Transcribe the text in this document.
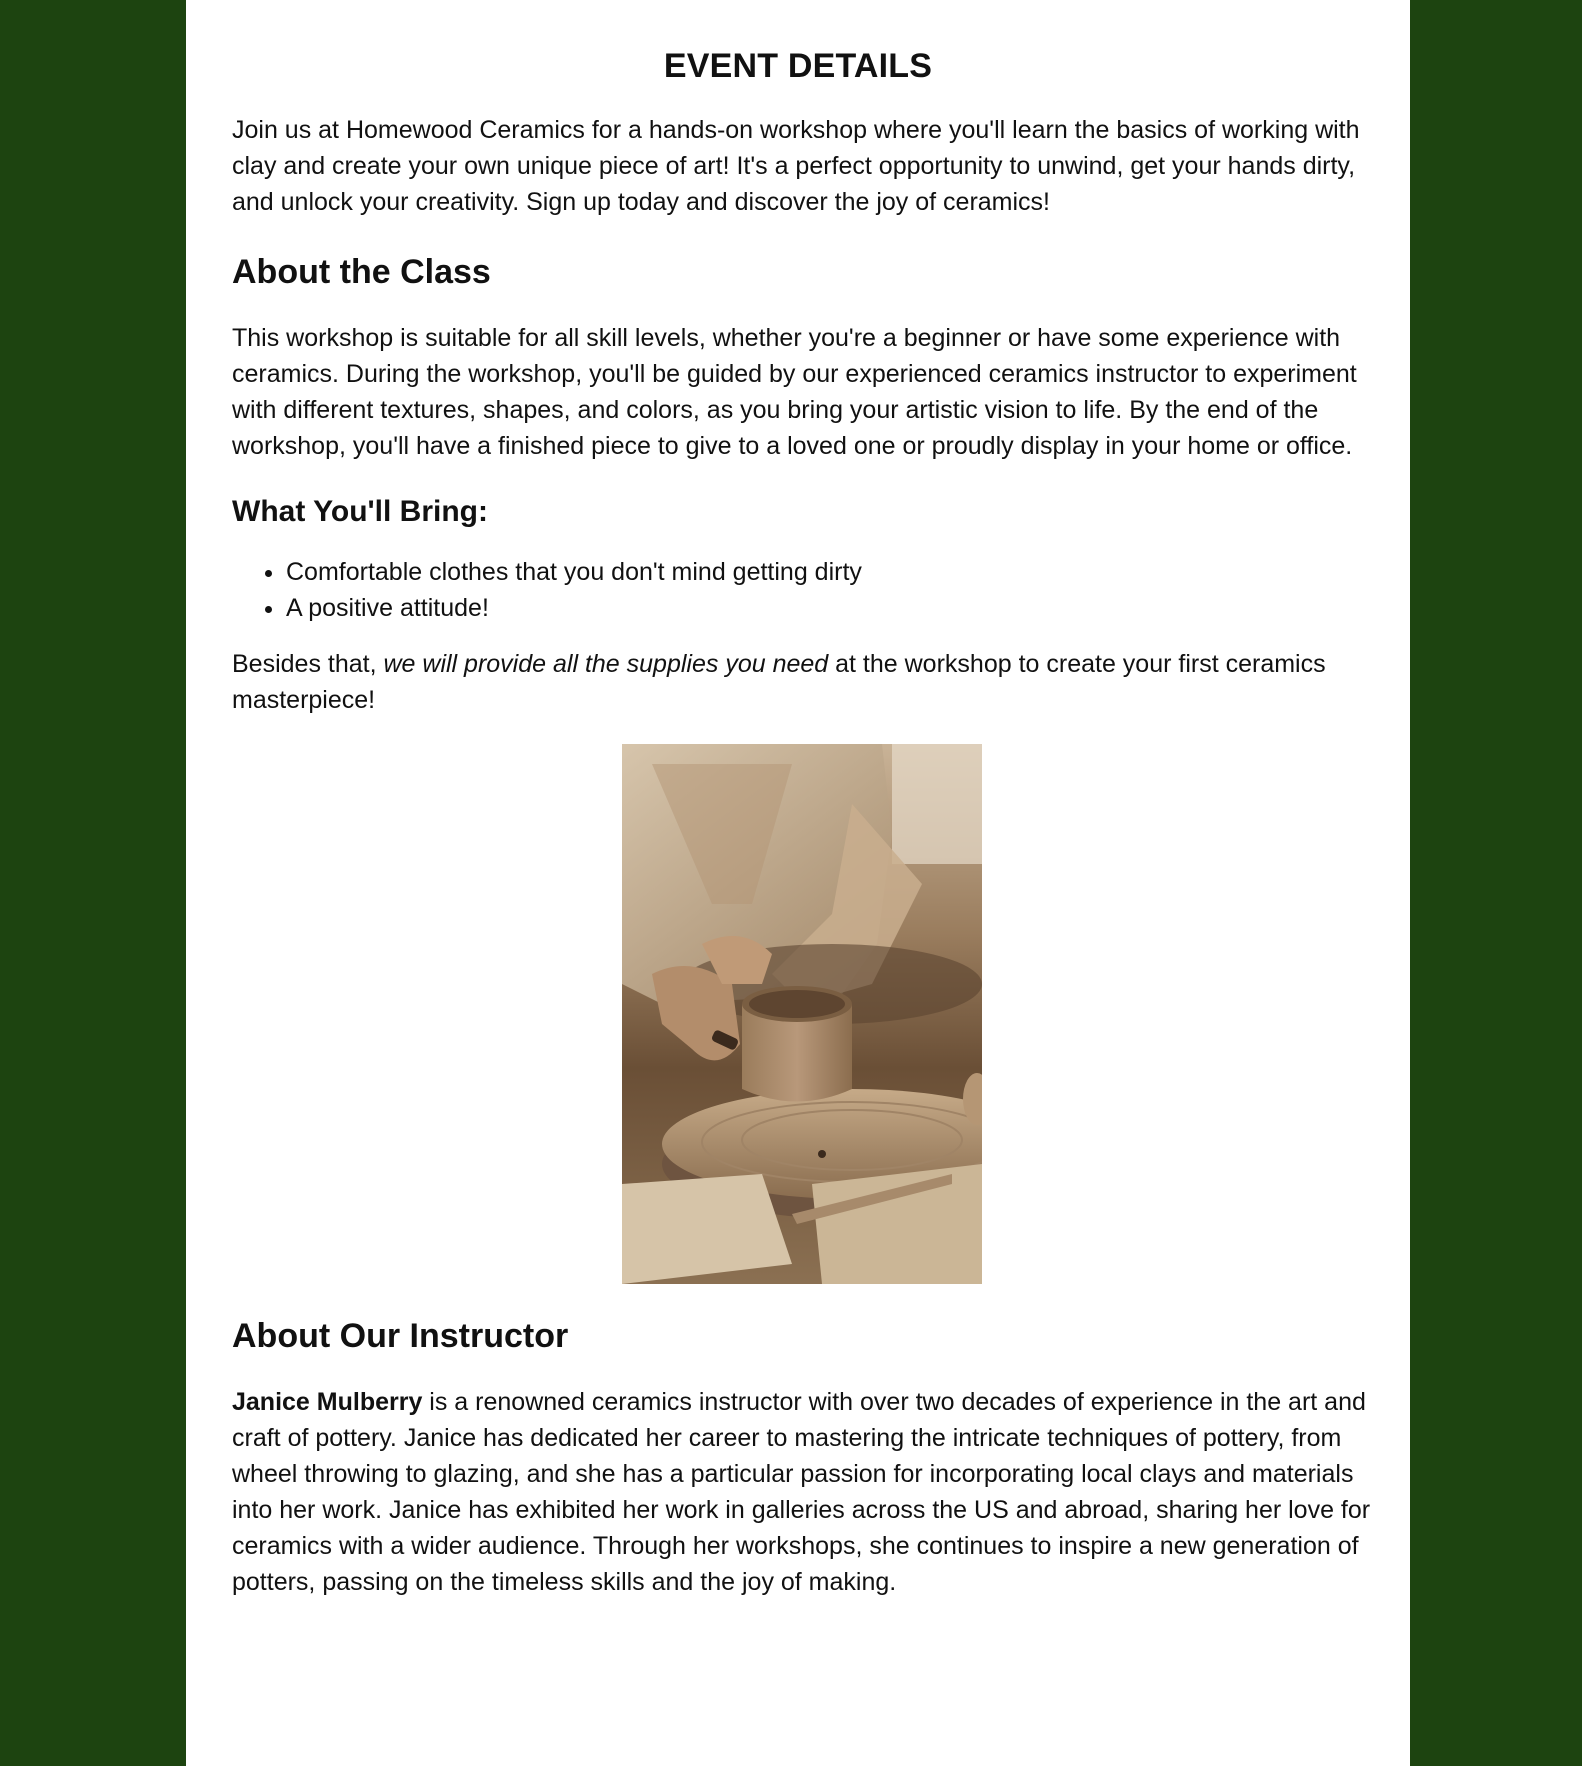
EVENT DETAILS

Join us at Homewood Ceramics for a hands-on workshop where you'll learn the basics of working with clay and create your own unique piece of art! It's a perfect opportunity to unwind, get your hands dirty, and unlock your creativity. Sign up today and discover the joy of ceramics!

About the Class

This workshop is suitable for all skill levels, whether you're a beginner or have some experience with ceramics. During the workshop, you'll be guided by our experienced ceramics instructor to experiment with different textures, shapes, and colors, as you bring your artistic vision to life. By the end of the workshop, you'll have a finished piece to give to a loved one or proudly display in your home or office.

What You'll Bring:
• Comfortable clothes that you don't mind getting dirty
• A positive attitude!

Besides that, we will provide all the supplies you need at the workshop to create your first ceramics masterpiece!

About Our Instructor

Janice Mulberry is a renowned ceramics instructor with over two decades of experience in the art and craft of pottery. Janice has dedicated her career to mastering the intricate techniques of pottery, from wheel throwing to glazing, and she has a particular passion for incorporating local clays and materials into her work. Janice has exhibited her work in galleries across the US and abroad, sharing her love for ceramics with a wider audience. Through her workshops, she continues to inspire a new generation of potters, passing on the timeless skills and the joy of making.
